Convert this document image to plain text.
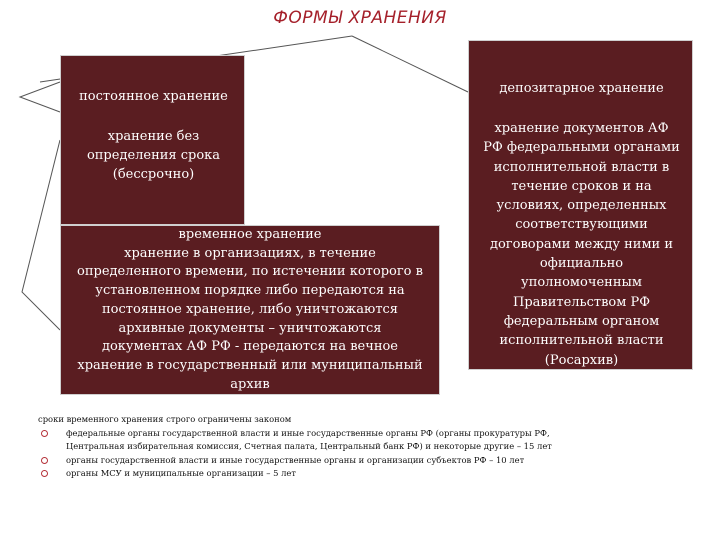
ФОРМЫ ХРАНЕНИЯ
постоянное хранение
хранение без
определения срока
(бессрочно)
временное хранение
хранение в организациях, в течение
определенного времени, по истечении которого в
установленном порядке либо передаются на
постоянное хранение, либо уничтожаются
архивные документы – уничтожаются
документах АФ РФ - передаются на вечное
хранение в государственный или муниципальный
архив
депозитарное хранение
хранение документов АФ
РФ федеральными органами
исполнительной власти в
течение сроков и на
условиях, определенных
соответствующими
договорами между ними и
официально
уполномоченным
Правительством РФ
федеральным органом
исполнительной власти
(Росархив)

сроки временного хранения строго ограничены законом

федеральные органы государственной власти и иные государственные органы РФ (органы прокуратуры РФ,
Центральная избирательная комиссия, Счетная палата, Центральный банк РФ) и некоторые другие – 15 лет
органы государственной власти и иные государственные органы и организации субъектов РФ – 10 лет
органы МСУ и муниципальные организации – 5 лет
